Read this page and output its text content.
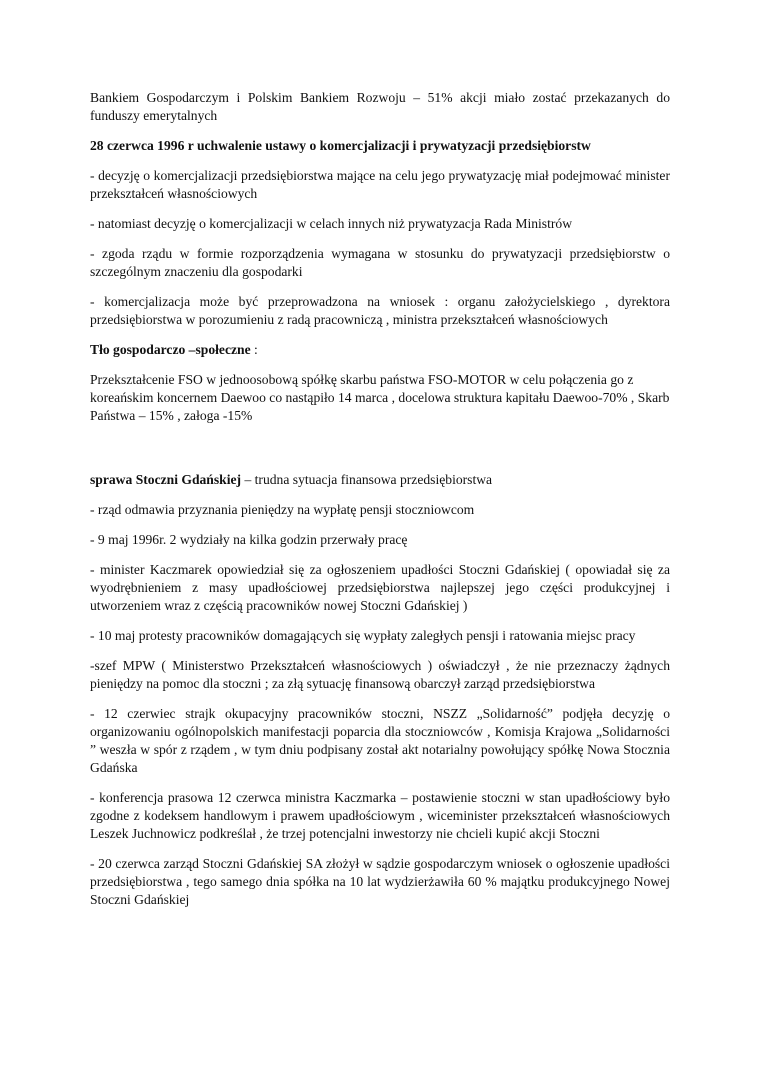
Bankiem Gospodarczym i Polskim Bankiem Rozwoju – 51% akcji miało zostać przekazanych do funduszy emerytalnych

28 czerwca 1996 r uchwalenie ustawy o komercjalizacji i prywatyzacji przedsiębiorstw

- decyzję o komercjalizacji przedsiębiorstwa mające na celu jego prywatyzację miał podejmować minister przekształceń własnościowych

- natomiast decyzję o komercjalizacji w celach innych niż prywatyzacja Rada Ministrów

- zgoda rządu w formie rozporządzenia wymagana w stosunku do prywatyzacji przedsiębiorstw o szczególnym znaczeniu dla gospodarki

- komercjalizacja może być przeprowadzona na wniosek : organu założycielskiego , dyrektora przedsiębiorstwa w porozumieniu z radą pracowniczą , ministra przekształceń własnościowych

Tło gospodarczo –społeczne :

Przekształcenie FSO w jednoosobową spółkę skarbu państwa FSO-MOTOR w celu połączenia go z koreańskim koncernem Daewoo co nastąpiło 14 marca , docelowa struktura kapitału Daewoo-70% , Skarb Państwa – 15% , załoga -15%

sprawa Stoczni Gdańskiej – trudna sytuacja finansowa przedsiębiorstwa

- rząd odmawia przyznania pieniędzy na wypłatę pensji stoczniowcom

- 9 maj 1996r. 2 wydziały na kilka godzin przerwały pracę

- minister Kaczmarek opowiedział się za ogłoszeniem upadłości Stoczni Gdańskiej ( opowiadał się za wyodrębnieniem z masy upadłościowej przedsiębiorstwa najlepszej jego części produkcyjnej i utworzeniem wraz z częścią pracowników nowej Stoczni Gdańskiej )

- 10 maj protesty pracowników domagających się wypłaty zaległych pensji i ratowania miejsc pracy

-szef MPW ( Ministerstwo Przekształceń własnościowych ) oświadczył , że nie przeznaczy żądnych pieniędzy na pomoc dla stoczni ; za złą sytuację finansową obarczył zarząd przedsiębiorstwa

- 12 czerwiec strajk okupacyjny pracowników stoczni, NSZZ „Solidarność” podjęła decyzję o organizowaniu ogólnopolskich manifestacji poparcia dla stoczniowców , Komisja Krajowa „Solidarności ” weszła w spór z rządem , w tym dniu podpisany został akt notarialny powołujący spółkę Nowa Stocznia Gdańska

- konferencja prasowa 12 czerwca ministra Kaczmarka – postawienie stoczni w stan upadłościowy było zgodne z kodeksem handlowym i prawem upadłościowym , wiceminister przekształceń własnościowych Leszek Juchnowicz podkreślał , że trzej potencjalni inwestorzy nie chcieli kupić akcji Stoczni

- 20 czerwca zarząd Stoczni Gdańskiej SA złożył w sądzie gospodarczym wniosek o ogłoszenie upadłości przedsiębiorstwa , tego samego dnia spółka na 10 lat wydzierżawiła 60 % majątku produkcyjnego Nowej Stoczni Gdańskiej
